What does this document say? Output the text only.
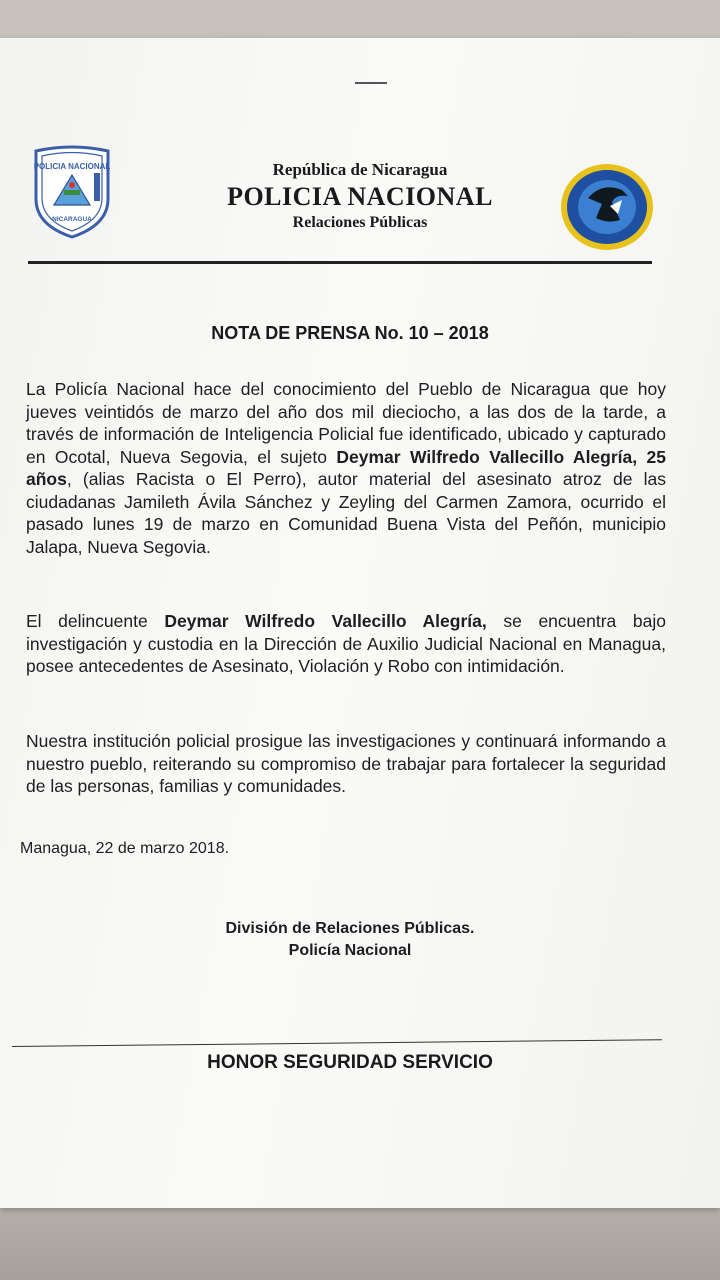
POLICIA NACIONAL
NICARAGUA
República de Nicaragua
POLICIA NACIONAL
Relaciones Públicas
NOTA DE PRENSA No. 10 – 2018

La Policía Nacional hace del conocimiento del Pueblo de Nicaragua que hoy jueves veintidós de marzo del año dos mil dieciocho, a las dos de la tarde, a través de información de Inteligencia Policial fue identificado, ubicado y capturado en Ocotal, Nueva Segovia, el sujeto Deymar Wilfredo Vallecillo Alegría, 25 años, (alias Racista o El Perro), autor material del asesinato atroz de las ciudadanas Jamileth Ávila Sánchez y Zeyling del Carmen Zamora, ocurrido el pasado lunes 19 de marzo en Comunidad Buena Vista del Peñón, municipio Jalapa, Nueva Segovia.

El delincuente Deymar Wilfredo Vallecillo Alegría, se encuentra bajo investigación y custodia en la Dirección de Auxilio Judicial Nacional en Managua, posee antecedentes de Asesinato, Violación y Robo con intimidación.

Nuestra institución policial prosigue las investigaciones y continuará informando a nuestro pueblo, reiterando su compromiso de trabajar para fortalecer la seguridad de las personas, familias y comunidades.

Managua, 22 de marzo 2018.
División de Relaciones Públicas.
Policía Nacional
HONOR SEGURIDAD SERVICIO
